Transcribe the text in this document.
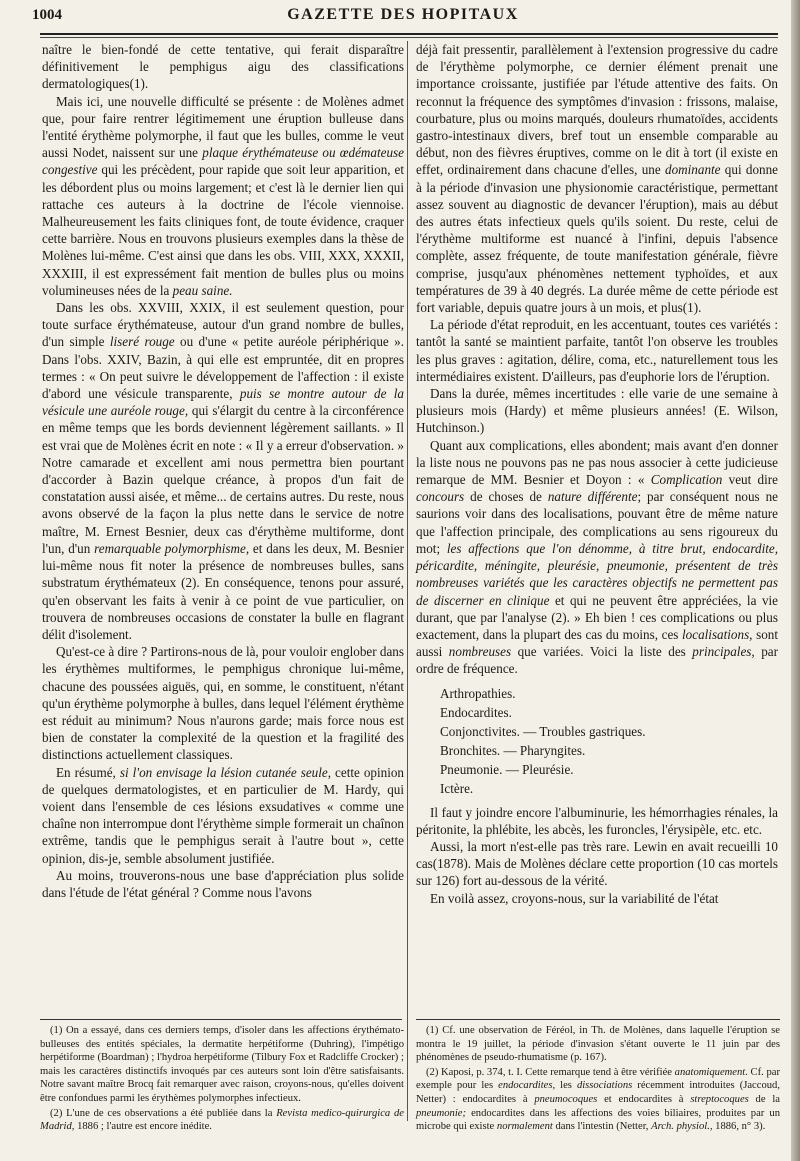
1004	GAZETTE DES HOPITAUX

naître le bien-fondé de cette tentative, qui ferait disparaître définitivement le pemphigus aigu des classifications dermatologiques(1).

Mais ici, une nouvelle difficulté se présente : de Molènes admet que, pour faire rentrer légitimement une éruption bulleuse dans l'entité érythème polymorphe, il faut que les bulles, comme le veut aussi Nodet, naissent sur une plaque érythémateuse ou œdémateuse congestive qui les précèdent, pour rapide que soit leur apparition, et les débordent plus ou moins largement; et c'est là le dernier lien qui rattache ces auteurs à la doctrine de l'école viennoise. Malheureusement les faits cliniques font, de toute évidence, craquer cette barrière. Nous en trouvons plusieurs exemples dans la thèse de Molènes lui-même. C'est ainsi que dans les obs. VIII, XXX, XXXII, XXXIII, il est expressément fait mention de bulles plus ou moins volumineuses nées de la peau saine.

Dans les obs. XXVIII, XXIX, il est seulement question, pour toute surface érythémateuse, autour d'un grand nombre de bulles, d'un simple liseré rouge ou d'une « petite auréole périphérique ». Dans l'obs. XXIV, Bazin, à qui elle est empruntée, dit en propres termes : « On peut suivre le développement de l'affection : il existe d'abord une vésicule transparente, puis se montre autour de la vésicule une auréole rouge, qui s'élargit du centre à la circonférence en même temps que les bords deviennent légèrement saillants. » Il est vrai que de Molènes écrit en note : « Il y a erreur d'observation. » Notre camarade et excellent ami nous permettra bien pourtant d'accorder à Bazin quelque créance, à propos d'un fait de constatation aussi aisée, et même... de certains autres. Du reste, nous avons observé de la façon la plus nette dans le service de notre maître, M. Ernest Besnier, deux cas d'érythème multiforme, dont l'un, d'un remarquable polymorphisme, et dans les deux, M. Besnier lui-même nous fit noter la présence de nombreuses bulles, sans substratum érythémateux (2). En conséquence, tenons pour assuré, qu'en observant les faits à venir à ce point de vue particulier, on trouvera de nombreuses occasions de constater la bulle en flagrant délit d'isolement.

Qu'est-ce à dire ? Partirons-nous de là, pour vouloir englober dans les érythèmes multiformes, le pemphigus chronique lui-même, chacune des poussées aiguës, qui, en somme, le constituent, n'étant qu'un érythème polymorphe à bulles, dans lequel l'élément érythème est réduit au minimum? Nous n'aurons garde; mais force nous est bien de constater la complexité de la question et la fragilité des distinctions actuellement classiques.

En résumé, si l'on envisage la lésion cutanée seule, cette opinion de quelques dermatologistes, et en particulier de M. Hardy, qui voient dans l'ensemble de ces lésions exsudatives « comme une chaîne non interrompue dont l'érythème simple formerait un chaînon extrême, tandis que le pemphigus serait à l'autre bout », cette opinion, dis-je, semble absolument justifiée.

Au moins, trouverons-nous une base d'appréciation plus solide dans l'étude de l'état général ? Comme nous l'avons

déjà fait pressentir, parallèlement à l'extension progressive du cadre de l'érythème polymorphe, ce dernier élément prenait une importance croissante, justifiée par l'étude attentive des faits. On reconnut la fréquence des symptômes d'invasion : frissons, malaise, courbature, plus ou moins marqués, douleurs rhumatoïdes, accidents gastro-intestinaux divers, bref tout un ensemble comparable au début, non des fièvres éruptives, comme on le dit à tort (il existe en effet, ordinairement dans chacune d'elles, une dominante qui donne à la période d'invasion une physionomie caractéristique, permettant assez souvent au diagnostic de devancer l'éruption), mais au début des autres états infectieux quels qu'ils soient. Du reste, celui de l'érythème multiforme est nuancé à l'infini, depuis l'absence complète, assez fréquente, de toute manifestation générale, fièvre comprise, jusqu'aux phénomènes nettement typhoïdes, et aux températures de 39 à 40 degrés. La durée même de cette période est fort variable, depuis quatre jours à un mois, et plus(1).

La période d'état reproduit, en les accentuant, toutes ces variétés : tantôt la santé se maintient parfaite, tantôt l'on observe les troubles les plus graves : agitation, délire, coma, etc., naturellement tous les intermédiaires existent. D'ailleurs, pas d'euphorie lors de l'éruption.

Dans la durée, mêmes incertitudes : elle varie de une semaine à plusieurs mois (Hardy) et même plusieurs années! (E. Wilson, Hutchinson.)

Quant aux complications, elles abondent; mais avant d'en donner la liste nous ne pouvons pas ne pas nous associer à cette judicieuse remarque de MM. Besnier et Doyon : « Complication veut dire concours de choses de nature différente; par conséquent nous ne saurions voir dans des localisations, pouvant être de même nature que l'affection principale, des complications au sens rigoureux du mot; les affections que l'on dénomme, à titre brut, endocardite, péricardite, méningite, pleurésie, pneumonie, présentent de très nombreuses variétés que les caractères objectifs ne permettent pas de discerner en clinique et qui ne peuvent être appréciées, la vie durant, que par l'analyse (2). » Eh bien ! ces complications ou plus exactement, dans la plupart des cas du moins, ces localisations, sont aussi nombreuses que variées. Voici la liste des principales, par ordre de fréquence.

Arthropathies.
Endocardites.
Conjonctivites. — Troubles gastriques.
Bronchites. — Pharyngites.
Pneumonie. — Pleurésie.
Ictère.

Il faut y joindre encore l'albuminurie, les hémorrhagies rénales, la péritonite, la phlébite, les abcès, les furoncles, l'érysipèle, etc. etc.

Aussi, la mort n'est-elle pas très rare. Lewin en avait recueilli 10 cas(1878). Mais de Molènes déclare cette proportion (10 cas mortels sur 126) fort au-dessous de la vérité.

En voilà assez, croyons-nous, sur la variabilité de l'état

(1) On a essayé, dans ces derniers temps, d'isoler dans les affections érythémato-bulleuses des entités spéciales, la dermatite herpétiforme (Duhring), l'impétigo herpétiforme (Boardman) ; l'hydroa herpétiforme (Tilbury Fox et Radcliffe Crocker) ; mais les caractères distinctifs invoqués par ces auteurs sont loin d'être satisfaisants. Notre savant maître Brocq fait remarquer avec raison, croyons-nous, qu'elles doivent être confondues parmi les érythèmes polymorphes infectieux.

(2) L'une de ces observations a été publiée dans la Revista medico-quirurgica de Madrid, 1886 ; l'autre est encore inédite.

(1) Cf. une observation de Féréol, in Th. de Molènes, dans laquelle l'éruption se montra le 19 juillet, la période d'invasion s'étant ouverte le 11 juin par des phénomènes de pseudo-rhumatisme (p. 167).

(2) Kaposi, p. 374, t. I. Cette remarque tend à être vérifiée anatomiquement. Cf. par exemple pour les endocardites, les dissociations récemment introduites (Jaccoud, Netter) : endocardites à pneumocoques et endocardites à streptocoques de la pneumonie; endocardites dans les affections des voies biliaires, produites par un microbe qui existe normalement dans l'intestin (Netter, Arch. physiol., 1886, n° 3).
